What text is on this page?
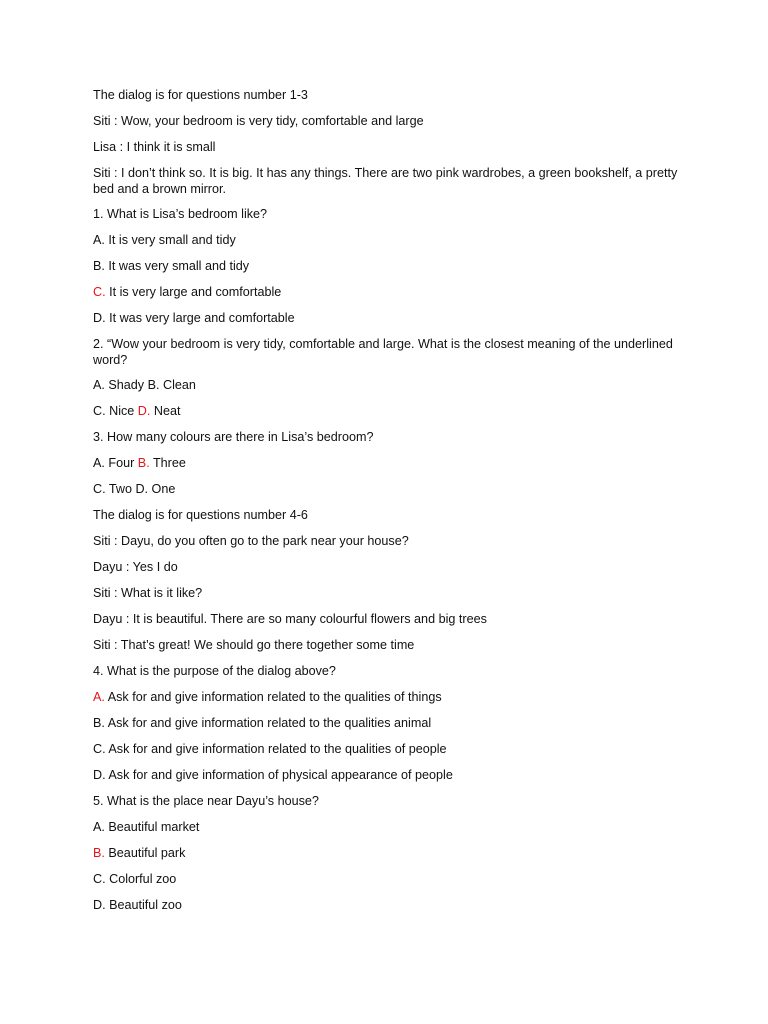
The dialog is for questions number 1-3

Siti : Wow, your bedroom is very tidy, comfortable and large

Lisa : I think it is small

Siti : I don’t think so. It is big. It has any things. There are two pink wardrobes, a green bookshelf, a pretty bed and a brown mirror.

1. What is Lisa’s bedroom like?

A. It is very small and tidy

B. It was very small and tidy

C. It is very large and comfortable

D. It was very large and comfortable

2. “Wow your bedroom is very tidy, comfortable and large. What is the closest meaning of the underlined word?

A. Shady B. Clean

C. Nice D. Neat

3. How many colours are there in Lisa’s bedroom?

A. Four B. Three

C. Two D. One

The dialog is for questions number 4-6

Siti : Dayu, do you often go to the park near your house?

Dayu : Yes I do

Siti : What is it like?

Dayu : It is beautiful. There are so many colourful flowers and big trees

Siti : That’s great! We should go there together some time

4. What is the purpose of the dialog above?

A. Ask for and give information related to the qualities of things

B. Ask for and give information related to the qualities animal

C. Ask for and give information related to the qualities of people

D. Ask for and give information of physical appearance of people

5. What is the place near Dayu’s house?

A. Beautiful market

B. Beautiful park

C. Colorful zoo

D. Beautiful zoo
